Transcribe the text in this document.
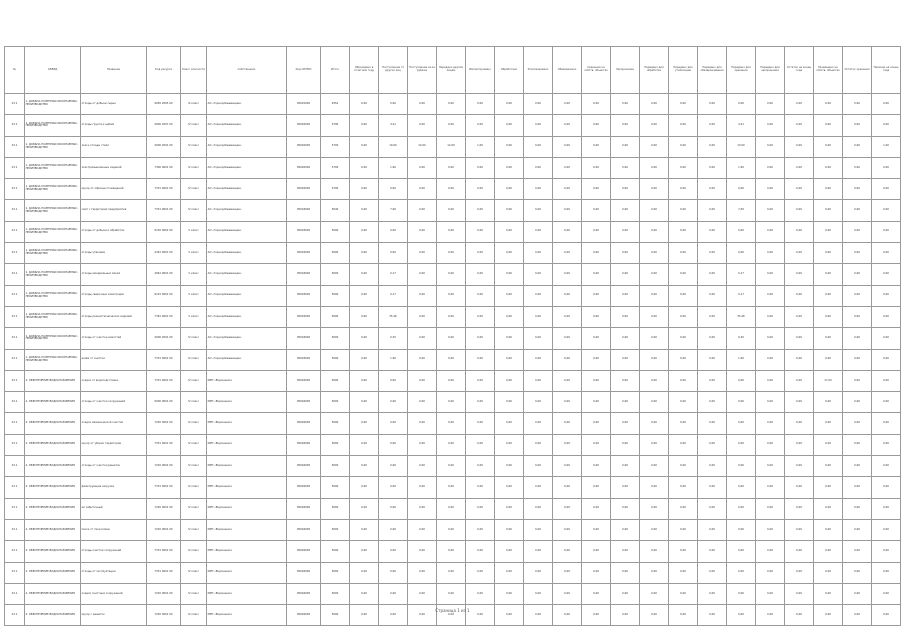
№	ОКВЭД	Название	Код ресурса	Класс опасности	Собственник	Код ОКТМО	Итого	Образовано в отчетном году	Поступление от других лиц	Поступление из-за рубежа	Передано другим лицам	Импортировано	Обработано	Утилизировано	Обезврежено	Хранение на собств. объектах	Захоронение	Передано для обработки	Передано для утилизации	Передано для обезвреживания	Передано для хранения	Передано для захоронения	Остаток на конец года	Размещено на собств. объектах	Остаток хранения	Наличие на конец года
23.1	1. ДОБЫЧА ПОЛЕЗНЫХ ИСКОПАЕМЫХ, ПРОИЗВОДСТВО	отходы от добычи сырья	9050 2005 00	III класс	АО «Горнодобывающее»	95601000	6352	0,00	0,00	0,00	0,00	0,00	0,00	0,00	0,00	0,00	0,00	0,00	0,00	0,00	0,00	0,00	0,00	0,00	0,00	0,00
23.1	1. ДОБЫЧА ПОЛЕЗНЫХ ИСКОПАЕМЫХ, ПРОИЗВОДСТВО	отходы грунта и щебня	4000 2007 00	IV класс	АО «Горнодобывающее»	95602000	5790	0,00	4,21	0,00	0,00	0,00	0,00	0,00	0,00	0,00	0,00	0,00	0,00	0,00	4,21	0,00	0,00	0,00	0,00	0,00
23.1	1. ДОБЫЧА ПОЛЕЗНЫХ ИСКОПАЕМЫХ, ПРОИЗВОДСТВО	лом и отходы стали	4000 2001 00	IV класс	АО «Горнодобывающее»	95602000	5700	0,00	19,00	12,00	12,00	1,00	0,00	0,00	0,00	0,00	0,00	0,00	0,00	0,00	13,00	0,00	0,00	0,00	0,00	1,00
23.1	1. ДОБЫЧА ПОЛЕЗНЫХ ИСКОПАЕМЫХ, ПРОИЗВОДСТВО	лом промышленных изделий	7300 0001 00	IV класс	АО «Горнодобывающее»	95602000	5700	0,00	1,90	0,00	0,00	0,00	0,00	0,00	0,00	0,00	0,00	0,00	0,00	0,00	1,90	0,00	0,00	0,00	0,00	0,00
23.1	1. ДОБЫЧА ПОЛЕЗНЫХ ИСКОПАЕМЫХ, ПРОИЗВОДСТВО	мусор от офисных помещений	7331 0001 00	IV класс	АО «Горнодобывающее»	95602000	5700	0,00	0,00	0,00	0,00	0,00	0,00	0,00	0,00	0,00	0,00	0,00	0,00	0,00	0,00	0,00	0,00	0,00	0,00	0,00
23.1	1. ДОБЫЧА ПОЛЕЗНЫХ ИСКОПАЕМЫХ, ПРОИЗВОДСТВО	смет с территории предприятия	7331 0001 00	IV класс	АО «Горнодобывающее»	95603000	5640	0,00	7,00	0,00	0,00	0,00	0,00	0,00	0,00	0,00	0,00	0,00	0,00	0,00	7,00	0,00	0,00	0,00	0,00	0,00
23.1	1. ДОБЫЧА ПОЛЕЗНЫХ ИСКОПАЕМЫХ, ПРОИЗВОДСТВО	отходы от добычи и обработки	9130 0002 00	V класс	АО «Горнодобывающее»	95603000	5600	0,00	0,00	0,00	0,00	0,00	0,00	0,00	0,00	0,00	0,00	0,00	0,00	0,00	0,00	0,00	0,00	0,00	0,00	0,00
23.1	1. ДОБЫЧА ПОЛЕЗНЫХ ИСКОПАЕМЫХ, ПРОИЗВОДСТВО	отходы упаковки	4342 0001 00	V класс	АО «Горнодобывающее»	95603000	5600	0,00	0,00	0,00	0,00	0,00	0,00	0,00	0,00	0,00	0,00	0,00	0,00	0,00	0,00	0,00	0,00	0,00	0,00	0,00
23.1	1. ДОБЫЧА ПОЛЕЗНЫХ ИСКОПАЕМЫХ, ПРОИЗВОДСТВО	отходы минеральных масел	4061 0001 00	V класс	АО «Горнодобывающее»	95603000	5600	0,00	0,17	0,00	0,00	0,00	0,00	0,00	0,00	0,00	0,00	0,00	0,00	0,00	0,17	0,00	0,00	0,00	0,00	0,00
23.1	1. ДОБЫЧА ПОЛЕЗНЫХ ИСКОПАЕМЫХ, ПРОИЗВОДСТВО	отходы сварочных электродов	9191 0001 00	V класс	АО «Горнодобывающее»	95603000	5600	0,00	0,17	0,00	0,00	0,00	0,00	0,00	0,00	0,00	0,00	0,00	0,00	0,00	0,17	0,00	0,00	0,00	0,00	0,00
23.1	1. ДОБЫЧА ПОЛЕЗНЫХ ИСКОПАЕМЫХ, ПРОИЗВОДСТВО	отходы резинотехнических изделий	7361 0001 00	V класс	АО «Горнодобывающее»	95603000	5600	0,00	35,46	0,00	0,00	0,00	0,00	0,00	0,00	0,00	0,00	0,00	0,00	0,00	35,46	0,00	0,00	0,00	0,00	0,00
23.1	1. ДОБЫЧА ПОЛЕЗНЫХ ИСКОПАЕМЫХ, ПРОИЗВОДСТВО	отходы от очистки емкостей	4000 2001 00	IV класс	АО «Горнодобывающее»	95603000	5600	0,00	0,25	0,00	0,00	0,00	0,00	0,00	0,00	0,00	0,00	0,00	0,00	0,00	0,25	0,00	0,00	0,00	0,00	0,00
23.1	1. ДОБЫЧА ПОЛЕЗНЫХ ИСКОПАЕМЫХ, ПРОИЗВОДСТВО	шлам от очистки	7331 0001 00	IV класс	АО «Горнодобывающее»	95603000	5600	0,00	1,90	0,00	0,00	0,00	0,00	0,00	0,00	0,00	0,00	0,00	0,00	0,00	1,90	0,00	0,00	0,00	0,00	0,00
23.1	2. ОБЕСПЕЧЕНИЕ ВОДОСНАБЖЕНИЯ	осадок от водоподготовки	7331 0001 00	IV класс	МУП «Водоканал»	95604000	5600	0,00	0,00	0,00	0,00	0,00	0,00	0,00	0,00	0,00	0,00	0,00	0,00	0,00	0,00	0,00	0,00	17,04	0,00	0,00
23.1	2. ОБЕСПЕЧЕНИЕ ВОДОСНАБЖЕНИЯ	отходы от очистки сооружений	9000 0001 00	IV класс	МУП «Водоканал»	95604000	5600	0,00	0,00	0,00	0,00	0,00	0,00	0,00	0,00	0,00	0,00	0,00	0,00	0,00	0,00	0,00	0,00	0,00	0,00	0,00
23.1	2. ОБЕСПЕЧЕНИЕ ВОДОСНАБЖЕНИЯ	осадок механической очистки	7220 0001 00	IV класс	МУП «Водоканал»	95604000	5600	0,00	0,00	0,00	0,00	0,00	0,00	0,00	0,00	0,00	0,00	0,00	0,00	0,00	0,00	0,00	0,00	0,00	0,00	0,00
23.1	2. ОБЕСПЕЧЕНИЕ ВОДОСНАБЖЕНИЯ	мусор от уборки территории	7331 0001 00	IV класс	МУП «Водоканал»	95604000	5600	0,00	0,00	0,00	0,00	0,00	0,00	0,00	0,00	0,00	0,00	0,00	0,00	0,00	0,00	0,00	0,00	0,00	0,00	0,00
23.1	2. ОБЕСПЕЧЕНИЕ ВОДОСНАБЖЕНИЯ	отходы от очистки решеток	7220 0002 00	IV класс	МУП «Водоканал»	95604000	5600	0,00	0,00	0,00	0,00	0,00	0,00	0,00	0,00	0,00	0,00	0,00	0,00	0,00	0,00	0,00	0,00	0,00	0,00	0,00
23.1	2. ОБЕСПЕЧЕНИЕ ВОДОСНАБЖЕНИЯ	фильтрующая загрузка	7331 0001 00	IV класс	МУП «Водоканал»	95604000	5600	0,00	0,00	0,00	0,00	0,00	0,00	0,00	0,00	0,00	0,00	0,00	0,00	0,00	0,00	0,00	0,00	0,00	0,00	0,00
23.1	2. ОБЕСПЕЧЕНИЕ ВОДОСНАБЖЕНИЯ	ил избыточный	7220 0001 00	IV класс	МУП «Водоканал»	95604000	5600	0,00	0,00	0,00	0,00	0,00	0,00	0,00	0,00	0,00	0,00	0,00	0,00	0,00	0,00	0,00	0,00	0,00	0,00	0,00
23.1	2. ОБЕСПЕЧЕНИЕ ВОДОСНАБЖЕНИЯ	песок от песколовок	7220 0001 00	IV класс	МУП «Водоканал»	95604000	5600	0,00	0,00	0,00	0,00	0,00	0,00	0,00	0,00	0,00	0,00	0,00	0,00	0,00	0,00	0,00	0,00	0,00	0,00	0,00
23.1	2. ОБЕСПЕЧЕНИЕ ВОДОСНАБЖЕНИЯ	отходы очистки сооружений	7331 0001 00	IV класс	МУП «Водоканал»	95604000	5600	0,00	0,00	0,00	0,00	0,00	0,00	0,00	0,00	0,00	0,00	0,00	0,00	0,00	0,00	0,00	0,00	0,00	0,00	0,00
23.1	2. ОБЕСПЕЧЕНИЕ ВОДОСНАБЖЕНИЯ	отходы от эксплуатации	7331 0001 00	IV класс	МУП «Водоканал»	95604000	5600	0,00	0,00	0,00	0,00	0,00	0,00	0,00	0,00	0,00	0,00	0,00	0,00	0,00	0,00	0,00	0,00	0,00	0,00	0,00
23.1	2. ОБЕСПЕЧЕНИЕ ВОДОСНАБЖЕНИЯ	осадок очистных сооружений	7220 0001 00	IV класс	МУП «Водоканал»	95604000	5600	0,00	0,00	0,00	0,00	0,00	0,00	0,00	0,00	0,00	0,00	0,00	0,00	0,00	0,00	0,00	0,00	0,00	0,00	0,00
23.1	2. ОБЕСПЕЧЕНИЕ ВОДОСНАБЖЕНИЯ	мусор с решеток	7220 0001 00	IV класс	МУП «Водоканал»	95604000	5600	0,00	0,00	0,00	0,00	0,00	0,00	0,00	0,00	0,00	0,00	0,00	0,00	0,00	0,00	0,00	0,00	0,00	0,00	0,00
Страница 1 из 1
